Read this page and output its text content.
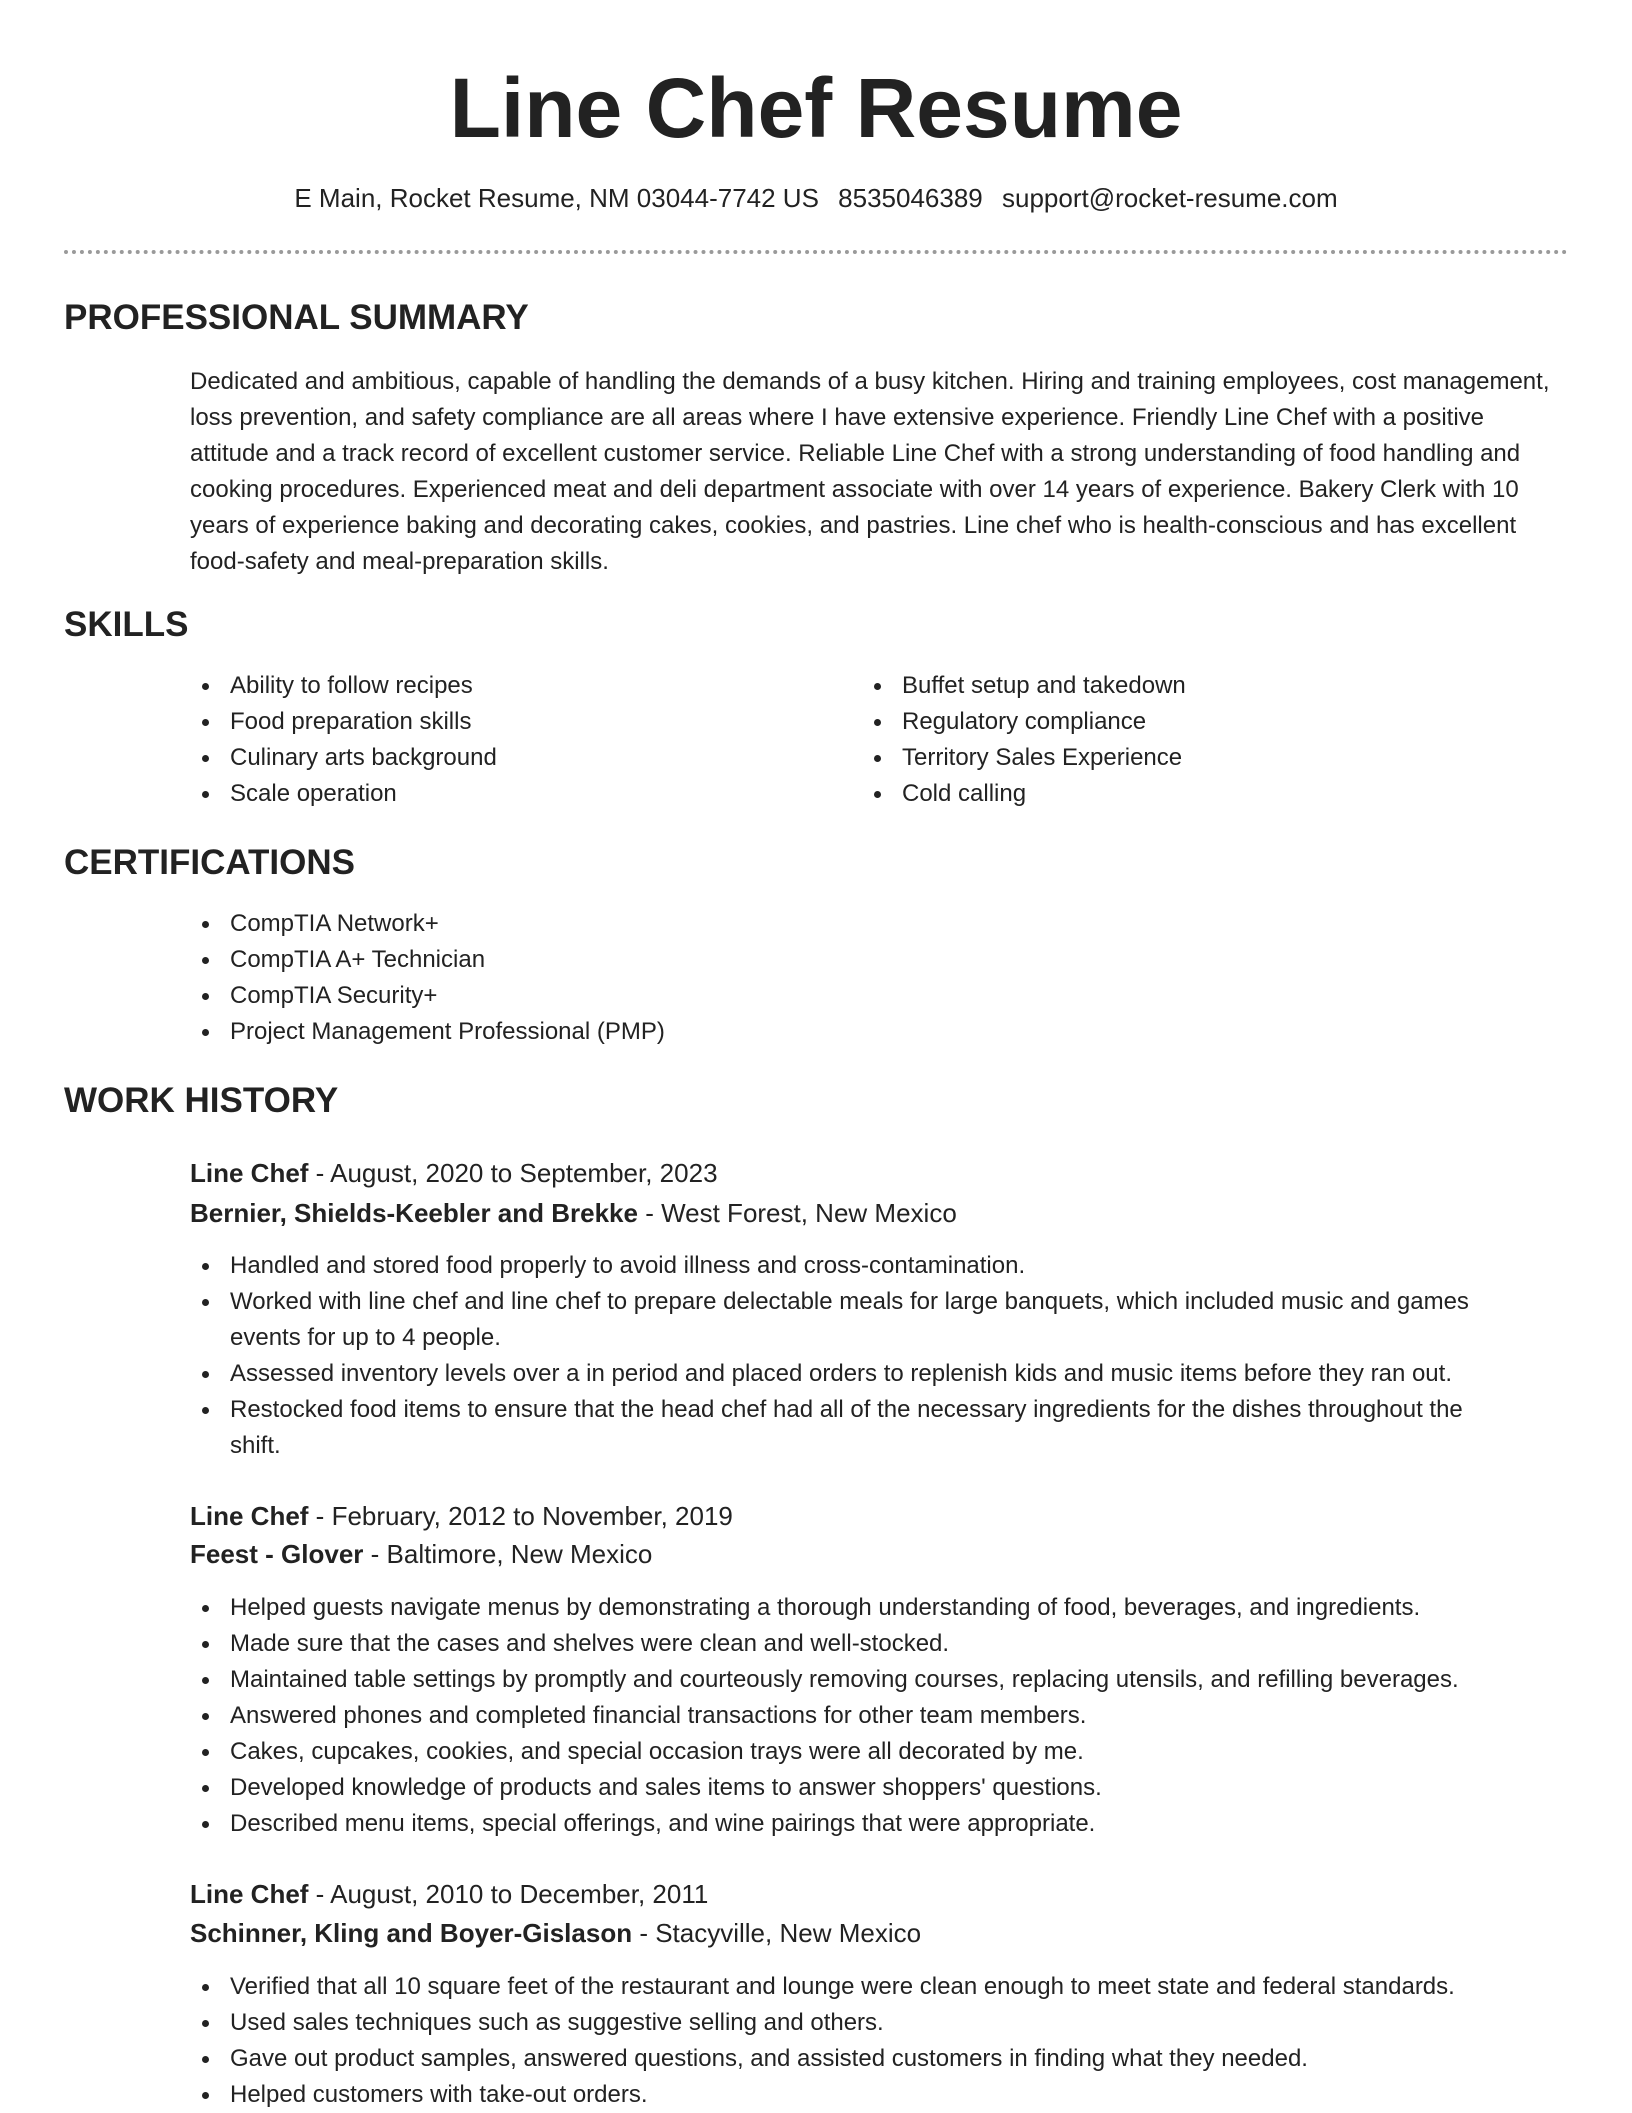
Line Chef Resume
E Main, Rocket Resume, NM 03044-7742 US 8535046389 support@rocket-resume.com
PROFESSIONAL SUMMARY

Dedicated and ambitious, capable of handling the demands of a busy kitchen. Hiring and training employees, cost management, loss prevention, and safety compliance are all areas where I have extensive experience. Friendly Line Chef with a positive attitude and a track record of excellent customer service. Reliable Line Chef with a strong understanding of food handling and cooking procedures. Experienced meat and deli department associate with over 14 years of experience. Bakery Clerk with 10 years of experience baking and decorating cakes, cookies, and pastries. Line chef who is health-conscious and has excellent food-safety and meal-preparation skills.

SKILLS
Ability to follow recipes
Food preparation skills
Culinary arts background
Scale operation
Buffet setup and takedown
Regulatory compliance
Territory Sales Experience
Cold calling
CERTIFICATIONS
CompTIA Network+
CompTIA A+ Technician
CompTIA Security+
Project Management Professional (PMP)
WORK HISTORY
Line Chef - August, 2020 to September, 2023
Bernier, Shields-Keebler and Brekke - West Forest, New Mexico
Handled and stored food properly to avoid illness and cross-contamination.
Worked with line chef and line chef to prepare delectable meals for large banquets, which included music and games events for up to 4 people.
Assessed inventory levels over a in period and placed orders to replenish kids and music items before they ran out.
Restocked food items to ensure that the head chef had all of the necessary ingredients for the dishes throughout the shift.
Line Chef - February, 2012 to November, 2019
Feest - Glover - Baltimore, New Mexico
Helped guests navigate menus by demonstrating a thorough understanding of food, beverages, and ingredients.
Made sure that the cases and shelves were clean and well-stocked.
Maintained table settings by promptly and courteously removing courses, replacing utensils, and refilling beverages.
Answered phones and completed financial transactions for other team members.
Cakes, cupcakes, cookies, and special occasion trays were all decorated by me.
Developed knowledge of products and sales items to answer shoppers' questions.
Described menu items, special offerings, and wine pairings that were appropriate.
Line Chef - August, 2010 to December, 2011
Schinner, Kling and Boyer-Gislason - Stacyville, New Mexico
Verified that all 10 square feet of the restaurant and lounge were clean enough to meet state and federal standards.
Used sales techniques such as suggestive selling and others.
Gave out product samples, answered questions, and assisted customers in finding what they needed.
Helped customers with take-out orders.
